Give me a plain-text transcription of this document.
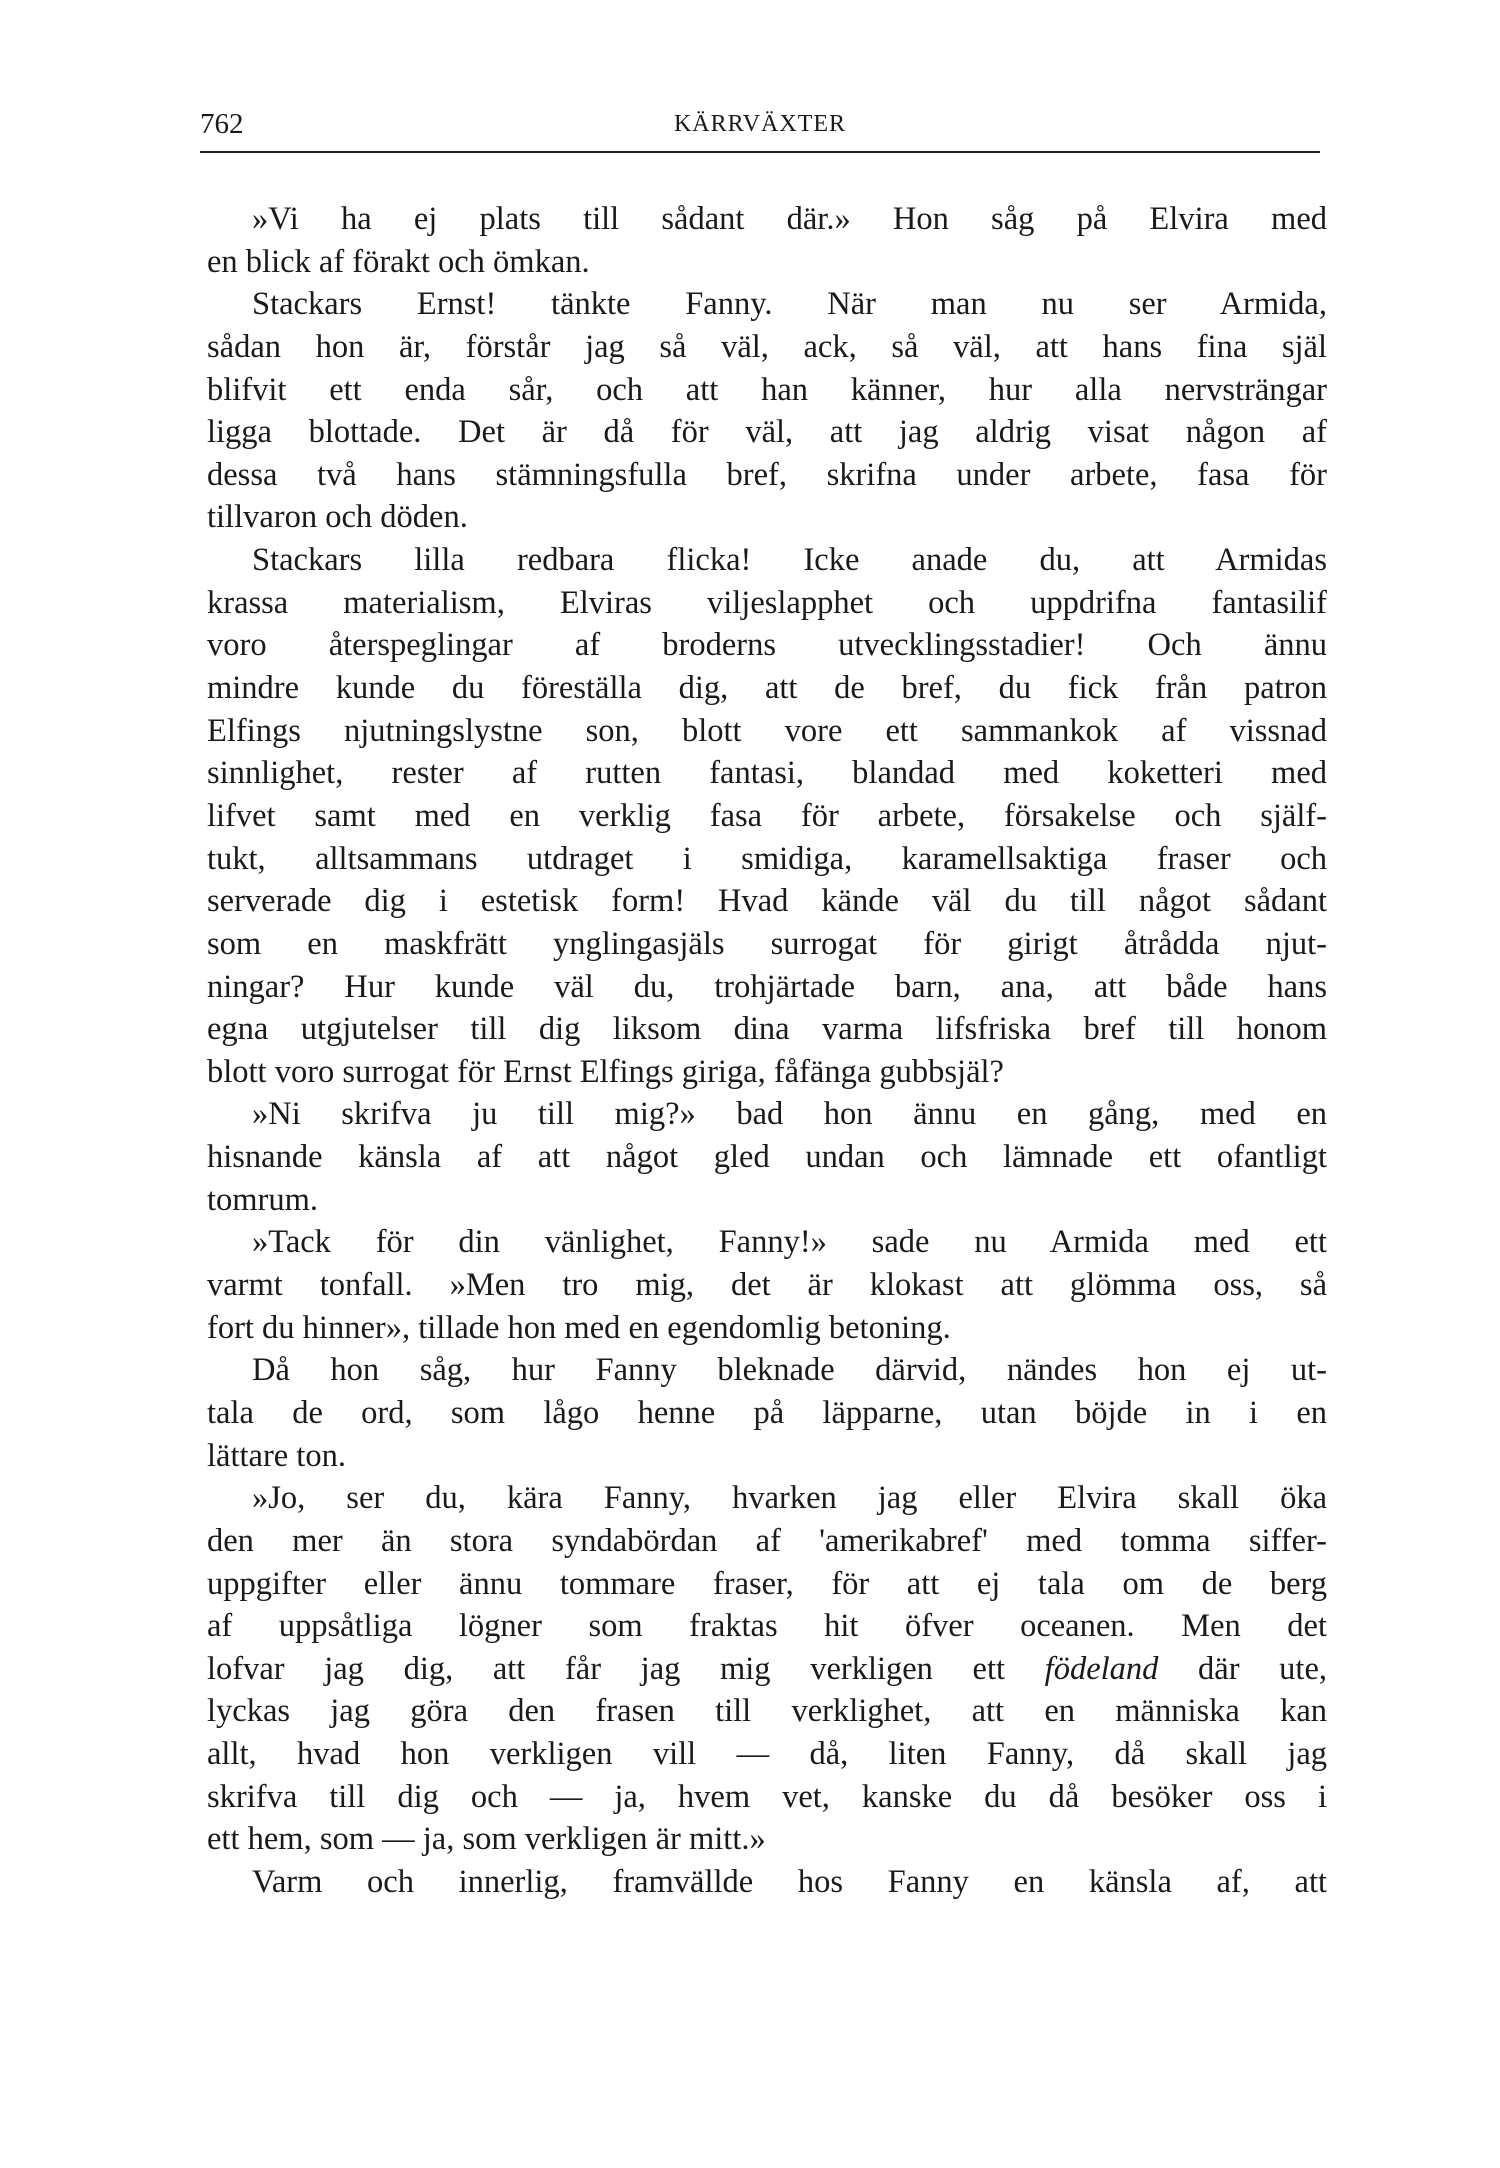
762	KÄRRVÄXTER
»Vi ha ej plats till sådant där.» Hon såg på Elvira med
en blick af förakt och ömkan.
Stackars Ernst! tänkte Fanny. När man nu ser Armida,
sådan hon är, förstår jag så väl, ack, så väl, att hans fina själ
blifvit ett enda sår, och att han känner, hur alla nervsträngar
ligga blottade. Det är då för väl, att jag aldrig visat någon af
dessa två hans stämningsfulla bref, skrifna under arbete, fasa för
tillvaron och döden.
Stackars lilla redbara flicka! Icke anade du, att Armidas
krassa materialism, Elviras viljeslapphet och uppdrifna fantasilif
voro återspeglingar af broderns utvecklingsstadier! Och ännu
mindre kunde du föreställa dig, att de bref, du fick från patron
Elfings njutningslystne son, blott vore ett sammankok af vissnad
sinnlighet, rester af rutten fantasi, blandad med koketteri med
lifvet samt med en verklig fasa för arbete, försakelse och själf-
tukt, alltsammans utdraget i smidiga, karamellsaktiga fraser och
serverade dig i estetisk form! Hvad kände väl du till något sådant
som en maskfrätt ynglingasjäls surrogat för girigt åtrådda njut-
ningar? Hur kunde väl du, trohjärtade barn, ana, att både hans
egna utgjutelser till dig liksom dina varma lifsfriska bref till honom
blott voro surrogat för Ernst Elfings giriga, fåfänga gubbsjäl?
»Ni skrifva ju till mig?» bad hon ännu en gång, med en
hisnande känsla af att något gled undan och lämnade ett ofantligt
tomrum.
»Tack för din vänlighet, Fanny!» sade nu Armida med ett
varmt tonfall. »Men tro mig, det är klokast att glömma oss, så
fort du hinner», tillade hon med en egendomlig betoning.
Då hon såg, hur Fanny bleknade därvid, nändes hon ej ut-
tala de ord, som lågo henne på läpparne, utan böjde in i en
lättare ton.
»Jo, ser du, kära Fanny, hvarken jag eller Elvira skall öka
den mer än stora syndabördan af 'amerikabref' med tomma siffer-
uppgifter eller ännu tommare fraser, för att ej tala om de berg
af uppsåtliga lögner som fraktas hit öfver oceanen. Men det
lofvar jag dig, att får jag mig verkligen ett födeland där ute,
lyckas jag göra den frasen till verklighet, att en människa kan
allt, hvad hon verkligen vill — då, liten Fanny, då skall jag
skrifva till dig och — ja, hvem vet, kanske du då besöker oss i
ett hem, som — ja, som verkligen är mitt.»
Varm och innerlig, framvällde hos Fanny en känsla af, att
